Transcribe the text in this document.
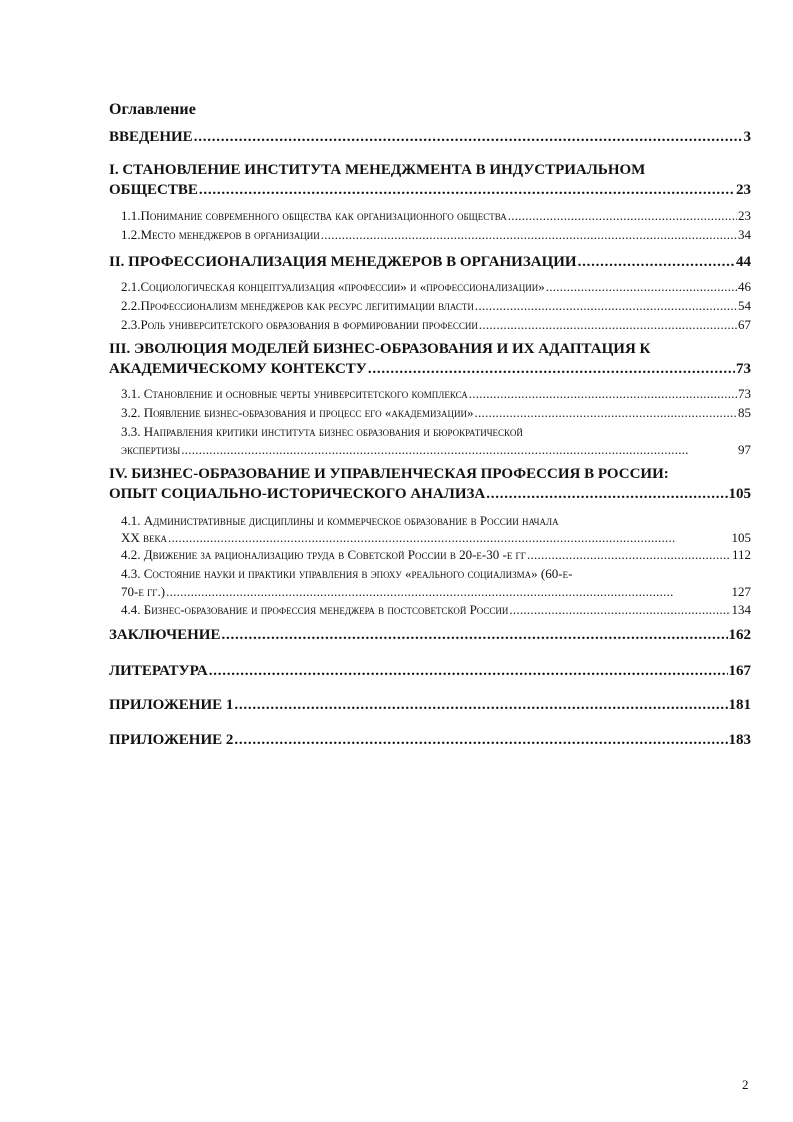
Оглавление
ВВЕДЕНИЕ . . .	3
I. СТАНОВЛЕНИЕ ИНСТИТУТА МЕНЕДЖМЕНТА В ИНДУСТРИАЛЬНОМ
ОБЩЕСТВЕ . . .	23
1.1.Понимание современного общества как организационного общества . . .	23
1.2.Место менеджеров в организации . . .	34
II. ПРОФЕССИОНАЛИЗАЦИЯ МЕНЕДЖЕРОВ В ОРГАНИЗАЦИИ . . .	44
2.1.Социологическая концептуализация «профессии» и «профессионализации» . . .	46
2.2.Профессионализм менеджеров как ресурс легитимации власти . . .	54
2.3.Роль университетского образования в формировании профессии . . .	67
III. ЭВОЛЮЦИЯ МОДЕЛЕЙ БИЗНЕС-ОБРАЗОВАНИЯ И ИХ АДАПТАЦИЯ К
АКАДЕМИЧЕСКОМУ КОНТЕКСТУ . . .	73
3.1. Становление и основные черты университетского комплекса . . .	73
3.2. Появление бизнес-образования и процесс его «академизации» . . .	85
3.3. Направления критики института бизнес образования и бюрократической
экспертизы . . .	97
IV. БИЗНЕС-ОБРАЗОВАНИЕ И УПРАВЛЕНЧЕСКАЯ ПРОФЕССИЯ В РОССИИ:
ОПЫТ СОЦИАЛЬНО-ИСТОРИЧЕСКОГО АНАЛИЗА . . .	105
4.1. Административные дисциплины и коммерческое образование в России начала
XX века . . .	105
4.2. Движение за рационализацию труда в Советской России в 20-е-30 -е гг . . .	112
4.3. Состояние науки и практики управления в эпоху «реального социализма» (60-е-
70-е гг.) . . .	127
4.4. Бизнес-образование и профессия менеджера в постсоветской России . . .	134
ЗАКЛЮЧЕНИЕ . . .	162
ЛИТЕРАТУРА . . .	167
ПРИЛОЖЕНИЕ 1 . . .	181
ПРИЛОЖЕНИЕ 2 . . .	183
2
